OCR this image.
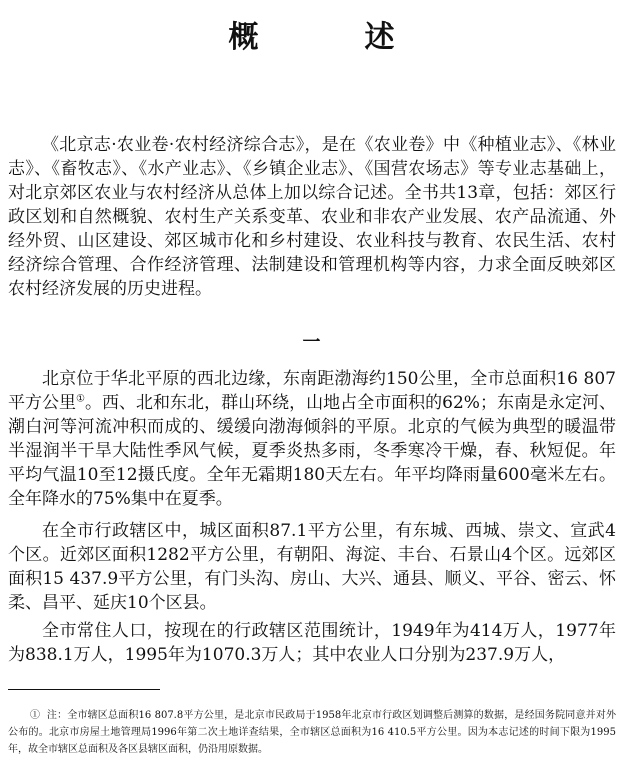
概　述

《北京志·农业卷·农村经济综合志》，是在《农业卷》中《种植业志》、《林业志》、《畜牧志》、《水产业志》、《乡镇企业志》、《国营农场志》等专业志基础上，对北京郊区农业与农村经济从总体上加以综合记述。全书共13章，包括：郊区行政区划和自然概貌、农村生产关系变革、农业和非农产业发展、农产品流通、外经外贸、山区建设、郊区城市化和乡村建设、农业科技与教育、农民生活、农村经济综合管理、合作经济管理、法制建设和管理机构等内容，力求全面反映郊区农村经济发展的历史进程。

一

北京位于华北平原的西北边缘，东南距渤海约150公里，全市总面积16 807平方公里①。西、北和东北，群山环绕，山地占全市面积的62%；东南是永定河、潮白河等河流冲积而成的、缓缓向渤海倾斜的平原。北京的气候为典型的暖温带半湿润半干旱大陆性季风气候，夏季炎热多雨，冬季寒冷干燥，春、秋短促。年平均气温10至12摄氏度。全年无霜期180天左右。年平均降雨量600毫米左右。全年降水的75%集中在夏季。

在全市行政辖区中，城区面积87.1平方公里，有东城、西城、崇文、宣武4个区。近郊区面积1282平方公里，有朝阳、海淀、丰台、石景山4个区。远郊区面积15 437.9平方公里，有门头沟、房山、大兴、通县、顺义、平谷、密云、怀柔、昌平、延庆10个区县。

全市常住人口，按现在的行政辖区范围统计，1949年为414万人，1977年为838.1万人，1995年为1070.3万人；其中农业人口分别为237.9万人，

① 注：全市辖区总面积16 807.8平方公里，是北京市民政局于1958年北京市行政区划调整后测算的数据，是经国务院同意并对外公布的。北京市房屋土地管理局1996年第二次土地详查结果，全市辖区总面积为16 410.5平方公里。因为本志记述的时间下限为1995年，故全市辖区总面积及各区县辖区面积，仍沿用原数据。
